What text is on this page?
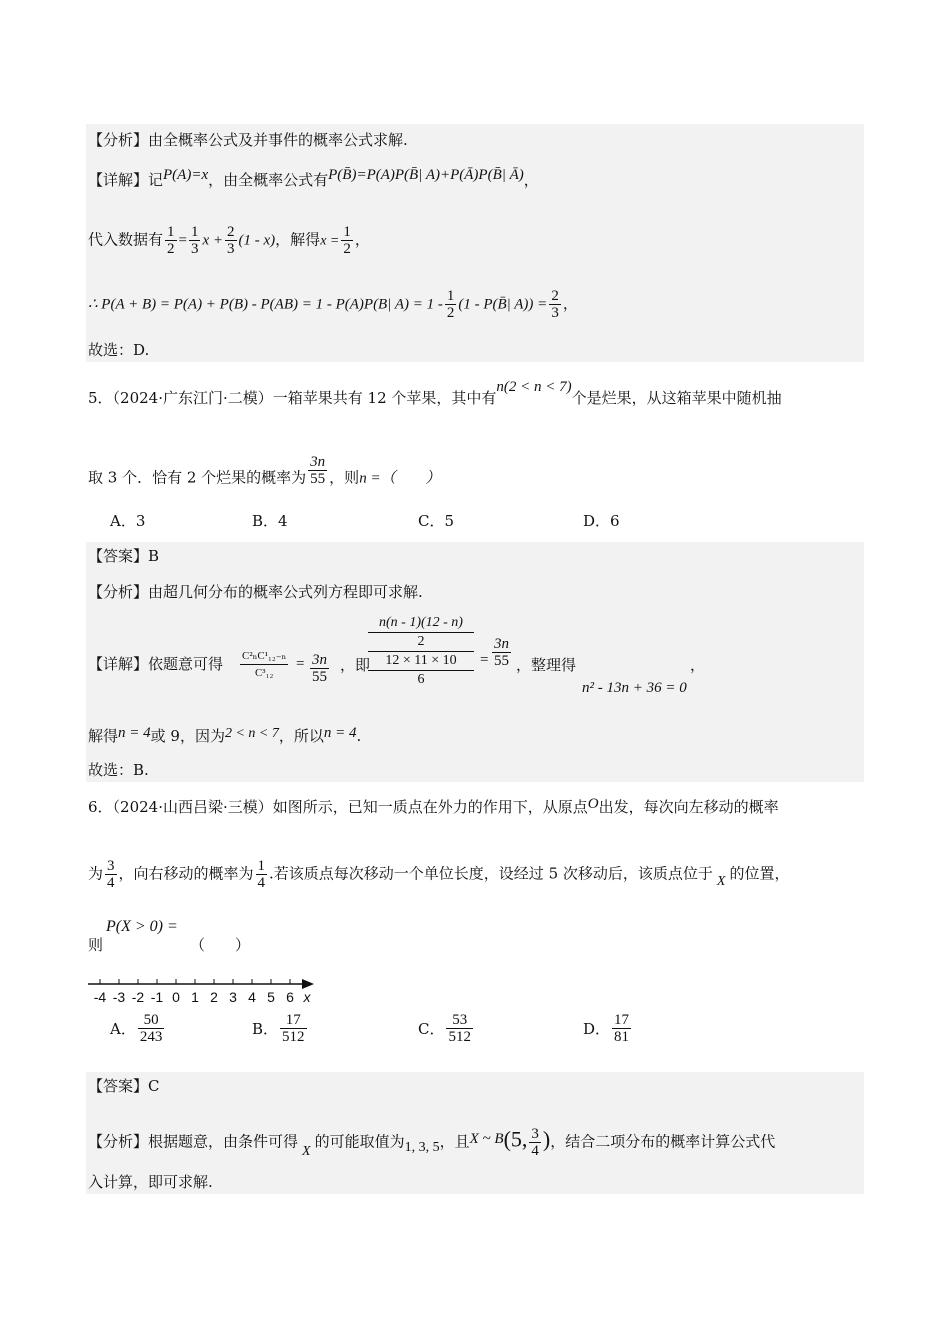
【分析】由全概率公式及并事件的概率公式求解.
【详解】记P(A)=x，由全概率公式有P(B̄)=P(A)P(B̄| A)+P(Ā)P(B̄| Ā)，
代入数据有 $\frac{1}{2} = \frac{1}{3}$ $x + \frac{2}{3} (1 - x)$，解得$x = \frac{1}{2}$ ，
∴ P(A + B) = P(A) + P(B) - P(AB) = 1 - P(A)P(B| $A) = 1 - \frac{1}{2} (1$ - P(B̄| $A)) = \frac{2}{3}$ ，
故选：D.
5．（2024·广东江门·二模）一箱苹果共有 12 个苹果，其中有n(2 < n < 7)个是烂果，从这箱苹果中随机抽
取 3 个．恰有 2 个烂果的概率为 $\frac{3n}{55}$ ，则n =（　　）
A．3	B．4	C．5	D．6
【答案】B
【分析】由超几何分布的概率公式列方程即可求解.
【详解】依题意可得 $\frac{\text{C²ₙC¹₁₂₋ₙ}}{\text{C³₁₂}} = \frac{3n}{55}$ ，即
n(n - 1)(12 - n)
2
12 × 11 × 10
6
= $\frac{3n}{55}$ ，整理得
n² - 13n + 36 = 0
，
解得n = 4或 9，因为2 < n < 7，所以n = 4.
故选：B.
6．（2024·山西吕梁·三模）如图所示，已知一质点在外力的作用下，从原点O出发，每次向左移动的概率
为 $\frac{3}{4}$ ，向右移动的概率为 $\frac{1}{4}$ .若该质点每次移动一个单位长度，设经过 5 次移动后，该质点位于 X 的位置，
P(X > 0) =
则	（　　）
-4 -3 -2 -1 0 1 2 3 4 5 6 x
A． $\frac{50}{243}$	B． $\frac{17}{512}$	C． $\frac{53}{512}$	D． $\frac{17}{81}$
【答案】C
【分析】根据题意，由条件可得X的可能取值为1, 3, 5，且X ~ B(5, $\frac{3}{4}$ )，结合二项分布的概率计算公式代
入计算，即可求解.
